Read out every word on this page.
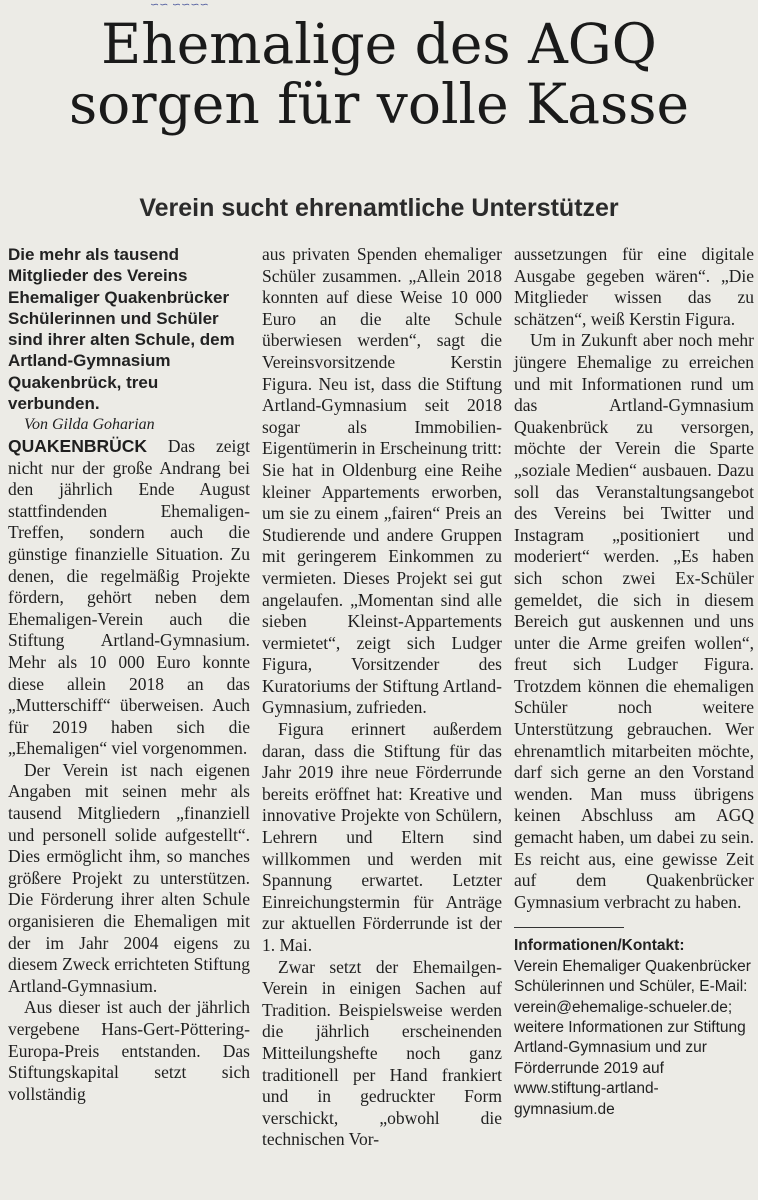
∽∽ ∽∽∽∽
Ehemalige des AGQ sorgen für volle Kasse
Verein sucht ehrenamtliche Unterstützer

Die mehr als tausend Mitglieder des Vereins Ehemaliger Quakenbrücker Schülerinnen und Schüler sind ihrer alten Schule, dem Artland-Gymnasium Quakenbrück, treu verbunden.

Von Gilda Goharian

QUAKENBRÜCK Das zeigt nicht nur der große Andrang bei den jährlich Ende August stattfindenden Ehemaligen-Treffen, sondern auch die günstige finanzielle Situation. Zu denen, die regelmäßig Projekte fördern, gehört neben dem Ehemaligen-Verein auch die Stiftung Artland-Gymnasium. Mehr als 10 000 Euro konnte diese allein 2018 an das „Mutterschiff“ überweisen. Auch für 2019 haben sich die „Ehemaligen“ viel vorgenommen.

Der Verein ist nach eigenen Angaben mit seinen mehr als tausend Mitgliedern „finanziell und personell solide aufgestellt“. Dies ermöglicht ihm, so manches größere Projekt zu unterstützen. Die Förderung ihrer alten Schule organisieren die Ehemaligen mit der im Jahr 2004 eigens zu diesem Zweck errichteten Stiftung Artland-Gymnasium.

Aus dieser ist auch der jährlich vergebene Hans-Gert-Pöttering-Europa-Preis entstanden. Das Stiftungskapital setzt sich vollständig

aus privaten Spenden ehemaliger Schüler zusammen. „Allein 2018 konnten auf diese Weise 10 000 Euro an die alte Schule überwiesen werden“, sagt die Vereinsvorsitzende Kerstin Figura. Neu ist, dass die Stiftung Artland-Gymnasium seit 2018 sogar als Immobilien-Eigentümerin in Erscheinung tritt: Sie hat in Oldenburg eine Reihe kleiner Appartements erworben, um sie zu einem „fairen“ Preis an Studierende und andere Gruppen mit geringerem Einkommen zu vermieten. Dieses Projekt sei gut angelaufen. „Momentan sind alle sieben Kleinst-Appartements vermietet“, zeigt sich Ludger Figura, Vorsitzender des Kuratoriums der Stiftung Artland-Gymnasium, zufrieden.

Figura erinnert außerdem daran, dass die Stiftung für das Jahr 2019 ihre neue Förderrunde bereits eröffnet hat: Kreative und innovative Projekte von Schülern, Lehrern und Eltern sind willkommen und werden mit Spannung erwartet. Letzter Einreichungstermin für Anträge zur aktuellen Förderrunde ist der 1. Mai.

Zwar setzt der Ehemailgen-Verein in einigen Sachen auf Tradition. Beispielsweise werden die jährlich erscheinenden Mitteilungshefte noch ganz traditionell per Hand frankiert und in gedruckter Form verschickt, „obwohl die technischen Vor-

aussetzungen für eine digitale Ausgabe gegeben wären“. „Die Mitglieder wissen das zu schätzen“, weiß Kerstin Figura.

Um in Zukunft aber noch mehr jüngere Ehemalige zu erreichen und mit Informationen rund um das Artland-Gymnasium Quakenbrück zu versorgen, möchte der Verein die Sparte „soziale Medien“ ausbauen. Dazu soll das Veranstaltungsangebot des Vereins bei Twitter und Instagram „positioniert und moderiert“ werden. „Es haben sich schon zwei Ex-Schüler gemeldet, die sich in diesem Bereich gut auskennen und uns unter die Arme greifen wollen“, freut sich Ludger Figura. Trotzdem können die ehemaligen Schüler noch weitere Unterstützung gebrauchen. Wer ehrenamtlich mitarbeiten möchte, darf sich gerne an den Vorstand wenden. Man muss übrigens keinen Abschluss am AGQ gemacht haben, um dabei zu sein. Es reicht aus, eine gewisse Zeit auf dem Quakenbrücker Gymnasium verbracht zu haben.

Informationen/Kontakt:
Verein Ehemaliger Quakenbrücker Schülerinnen und Schüler, E-Mail: verein@ehemalige-schueler.de; weitere Informationen zur Stiftung Artland-Gymnasium und zur Förderrunde 2019 auf www.stiftung-artland-gymnasium.de
